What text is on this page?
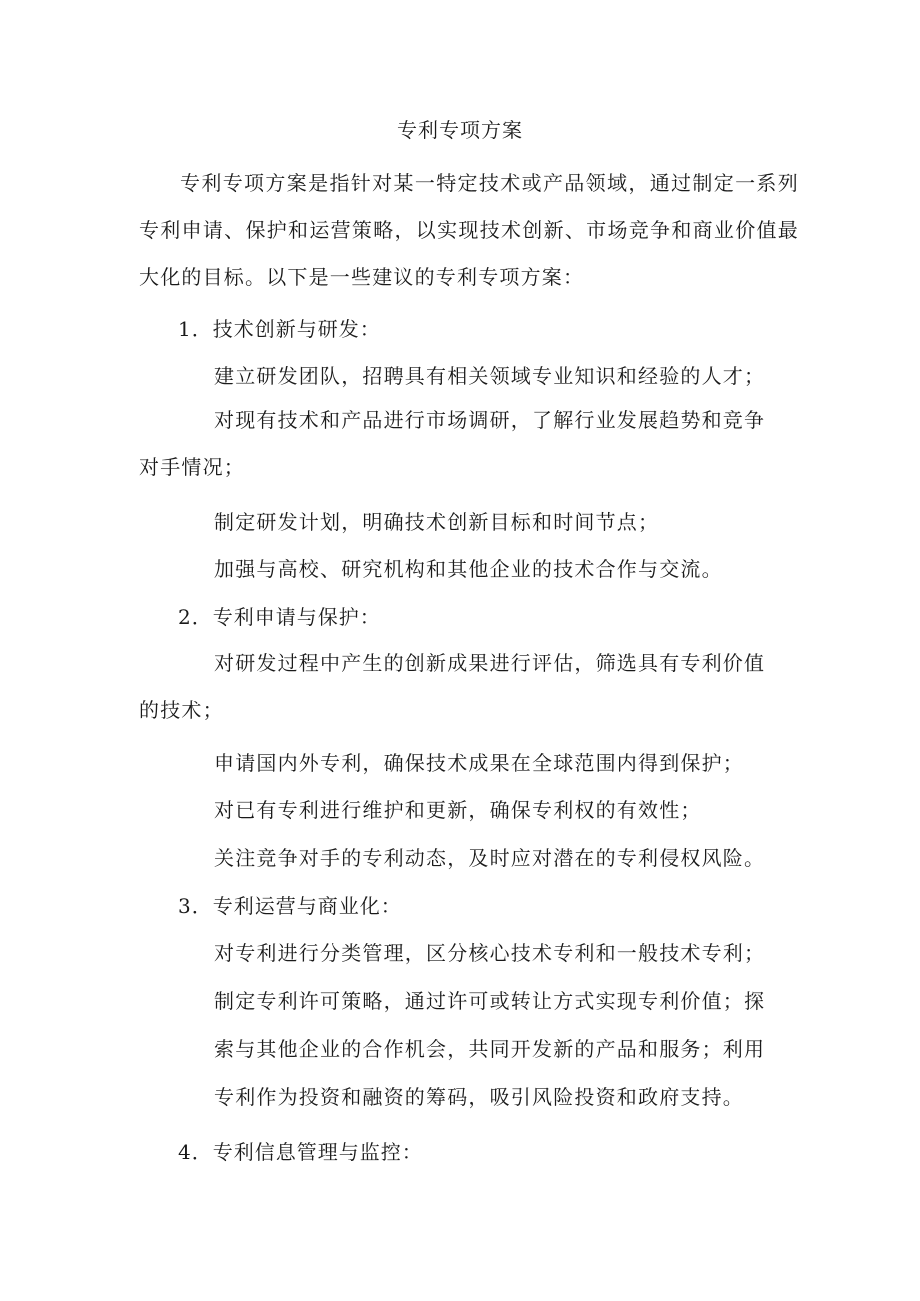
专利专项方案

专利专项方案是指针对某一特定技术或产品领域，通过制定一系列专利申请、保护和运营策略，以实现技术创新、市场竞争和商业价值最大化的目标。以下是一些建议的专利专项方案：

1．技术创新与研发：
建立研发团队，招聘具有相关领域专业知识和经验的人才；

对现有技术和产品进行市场调研，了解行业发展趋势和竞争对手情况；

制定研发计划，明确技术创新目标和时间节点；
加强与高校、研究机构和其他企业的技术合作与交流。
2．专利申请与保护：

对研发过程中产生的创新成果进行评估，筛选具有专利价值的技术；

申请国内外专利，确保技术成果在全球范围内得到保护；
对已有专利进行维护和更新，确保专利权的有效性；
关注竞争对手的专利动态，及时应对潜在的专利侵权风险。
3．专利运营与商业化：

对专利进行分类管理，区分核心技术专利和一般技术专利；制定专利许可策略，通过许可或转让方式实现专利价值；探索与其他企业的合作机会，共同开发新的产品和服务；利用专利作为投资和融资的筹码，吸引风险投资和政府支持。

4．专利信息管理与监控：
